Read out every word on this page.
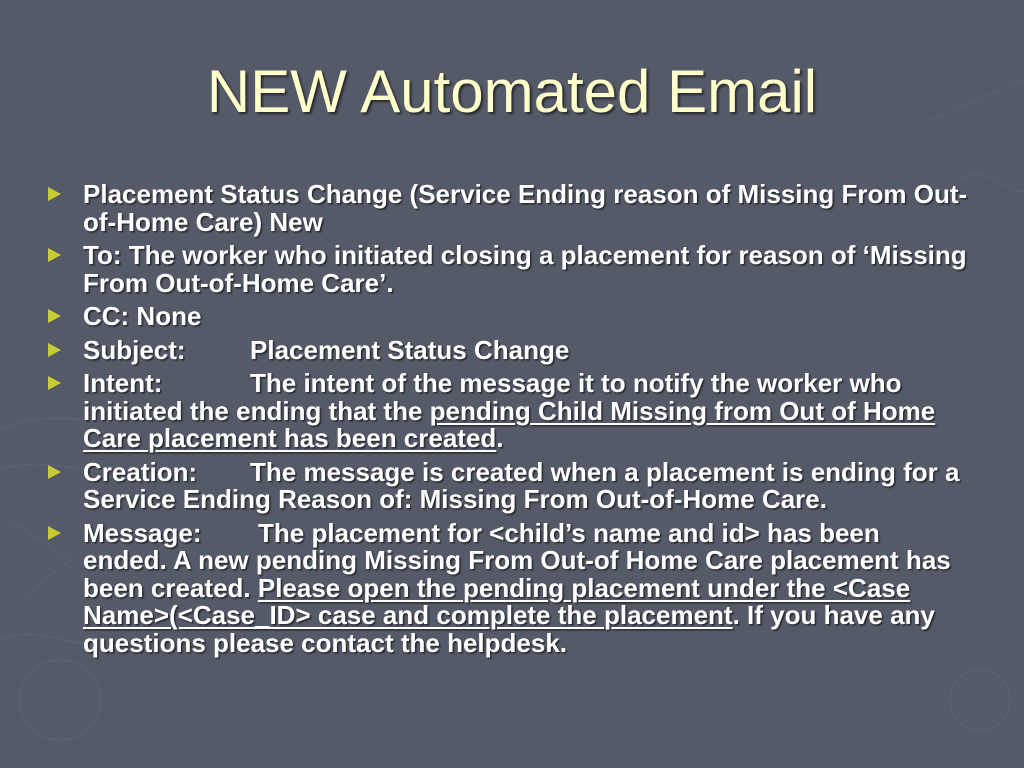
NEW Automated Email
Placement Status Change (Service Ending reason of Missing From Out-of-Home Care) New
To: The worker who initiated closing a placement for reason of ‘Missing From Out-of-Home Care’.
CC: None
Subject: Placement Status Change
Intent:	The intent of the message it to notify the worker who initiated the ending that the pending Child Missing from Out of Home Care placement has been created.
Creation: The message is created when a placement is ending for a Service Ending Reason of: Missing From Out-of-Home Care.
Message: The placement for <child’s name and id> has been ended. A new pending Missing From Out-of Home Care placement has been created. Please open the pending placement under the <Case Name>(<Case_ID> case and complete the placement. If you have any questions please contact the helpdesk.
